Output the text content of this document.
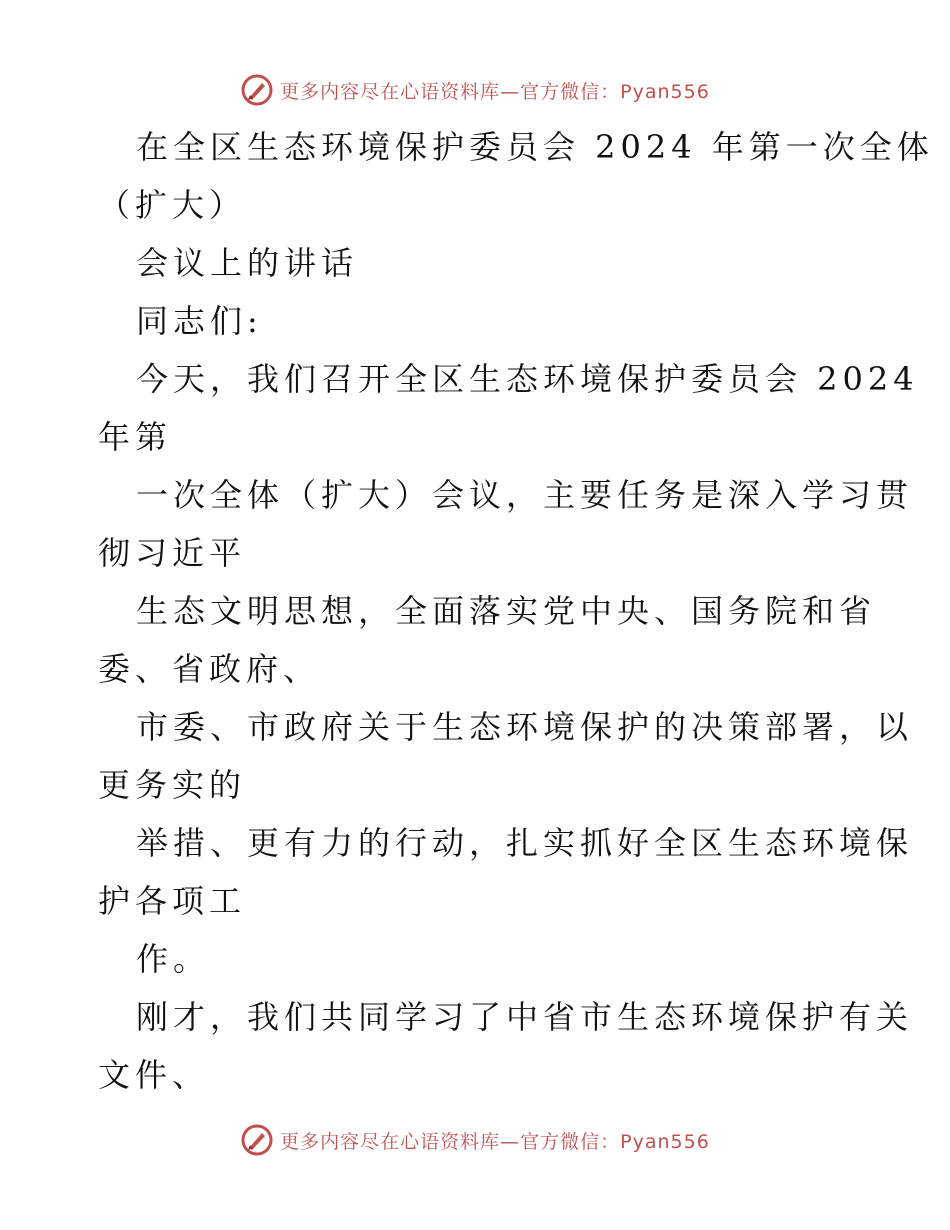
更多内容尽在心语资料库—官方微信：Pyan556
在全区生态环境保护委员会 2024 年第一次全体
（扩大）
会议上的讲话
同志们:
今天，我们召开全区生态环境保护委员会 2024
年第
一次全体（扩大）会议，主要任务是深入学习贯
彻习近平
生态文明思想，全面落实党中央、国务院和省
委、省政府、
市委、市政府关于生态环境保护的决策部署，以
更务实的
举措、更有力的行动，扎实抓好全区生态环境保
护各项工
作。
刚才，我们共同学习了中省市生态环境保护有关
文件、
更多内容尽在心语资料库—官方微信：Pyan556
